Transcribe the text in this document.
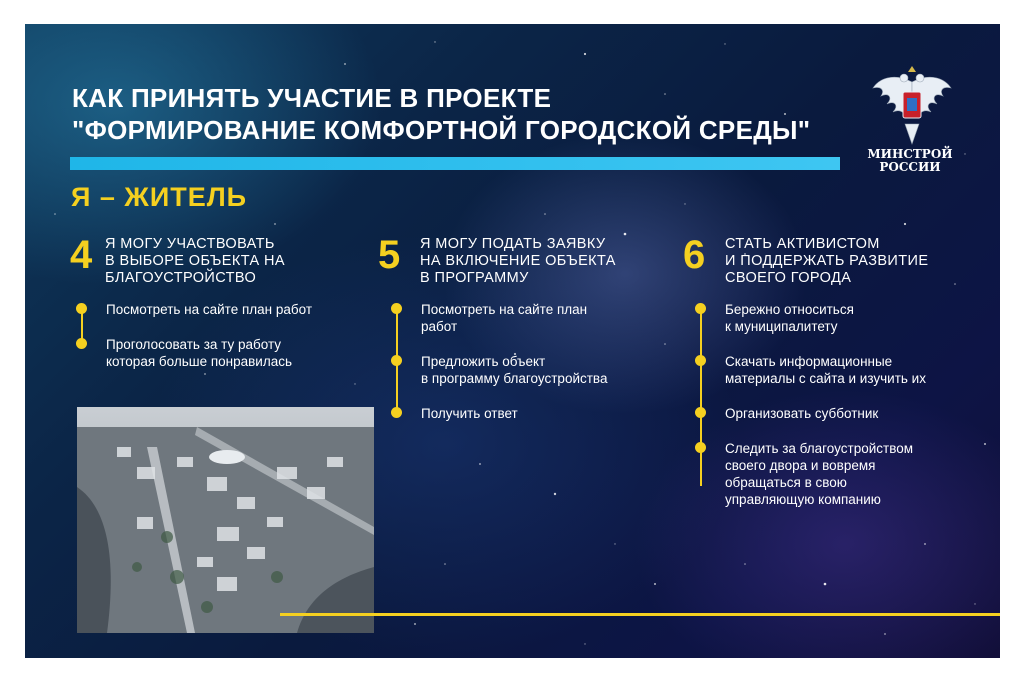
КАК ПРИНЯТЬ УЧАСТИЕ В ПРОЕКТЕ
"ФОРМИРОВАНИЕ КОМФОРТНОЙ ГОРОДСКОЙ СРЕДЫ"
МИНСТРОЙ
РОССИИ
Я – ЖИТЕЛЬ
4 Я МОГУ УЧАСТВОВАТЬ
В ВЫБОРЕ ОБЪЕКТА НА
БЛАГОУСТРОЙСТВО
Посмотреть на сайте план работ
Проголосовать за ту работу
которая больше понравилась
5 Я МОГУ ПОДАТЬ ЗАЯВКУ
НА ВКЛЮЧЕНИЕ ОБЪЕКТА
В ПРОГРАММУ
Посмотреть на сайте план
работ
Предложить объект
в программу благоустройства
Получить ответ
6 СТАТЬ АКТИВИСТОМ
И ПОДДЕРЖАТЬ РАЗВИТИЕ
СВОЕГО ГОРОДА
Бережно относиться
к муниципалитету
Скачать информационные
материалы с сайта и изучить их
Организовать субботник
Следить за благоустройством
своего двора и вовремя
обращаться в свою
управляющую компанию
